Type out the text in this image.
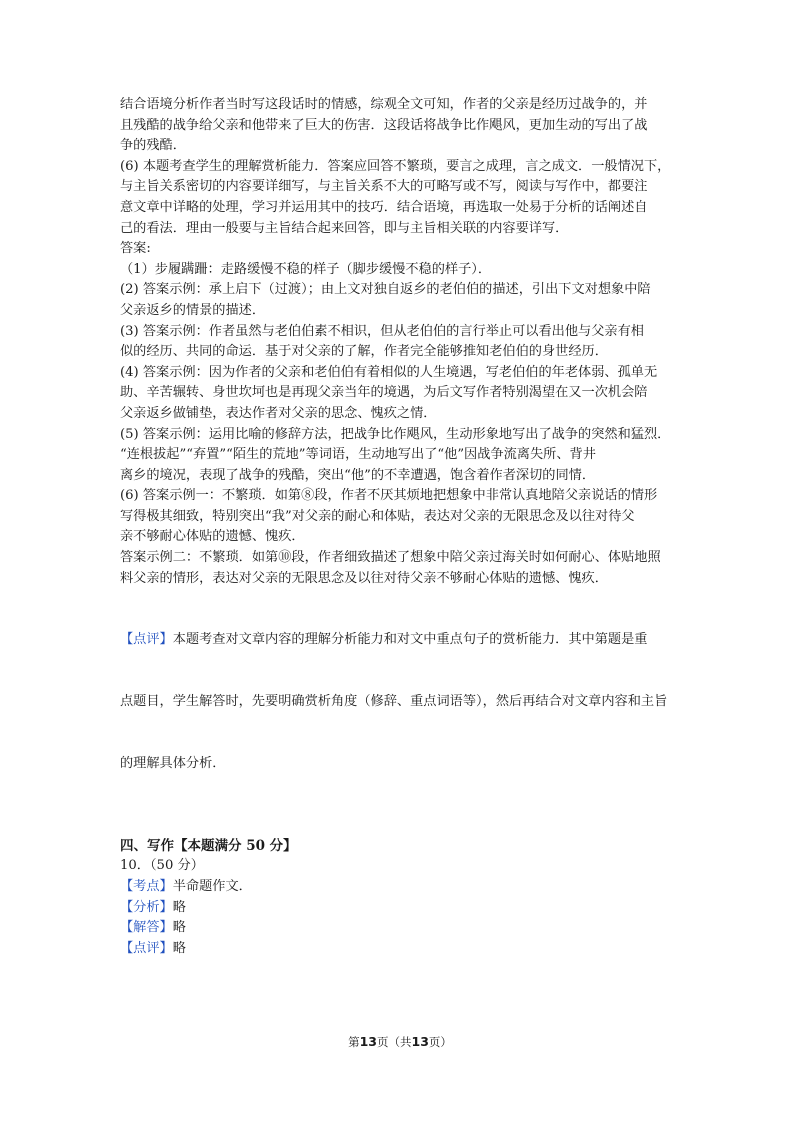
结合语境分析作者当时写这段话时的情感，综观全文可知，作者的父亲是经历过战争的，并
且残酷的战争给父亲和他带来了巨大的伤害．这段话将战争比作飓风，更加生动的写出了战
争的残酷．
(6) 本题考查学生的理解赏析能力．答案应回答不繁琐，要言之成理，言之成文．一般情况下，
与主旨关系密切的内容要详细写，与主旨关系不大的可略写或不写，阅读与写作中，都要注
意文章中详略的处理，学习并运用其中的技巧．结合语境，再选取一处易于分析的话阐述自
己的看法．理由一般要与主旨结合起来回答，即与主旨相关联的内容要详写．
答案:
（1）步履蹒跚：走路缓慢不稳的样子（脚步缓慢不稳的样子）．
(2) 答案示例：承上启下（过渡）；由上文对独自返乡的老伯伯的描述，引出下文对想象中陪
父亲返乡的情景的描述．
(3) 答案示例：作者虽然与老伯伯素不相识，但从老伯伯的言行举止可以看出他与父亲有相
似的经历、共同的命运．基于对父亲的了解，作者完全能够推知老伯伯的身世经历．
(4) 答案示例：因为作者的父亲和老伯伯有着相似的人生境遇，写老伯伯的年老体弱、孤单无
助、辛苦辗转、身世坎坷也是再现父亲当年的境遇，为后文写作者特别渴望在又一次机会陪
父亲返乡做铺垫，表达作者对父亲的思念、愧疚之情．
(5) 答案示例：运用比喻的修辞方法，把战争比作飓风，生动形象地写出了战争的突然和猛烈．
“连根拔起”“弃置”“陌生的荒地”等词语，生动地写出了“他”因战争流离失所、背井
离乡的境况，表现了战争的残酷，突出“他”的不幸遭遇，饱含着作者深切的同情．
(6) 答案示例一：不繁琐．如第⑧段，作者不厌其烦地把想象中非常认真地陪父亲说话的情形
写得极其细致，特别突出“我”对父亲的耐心和体贴，表达对父亲的无限思念及以往对待父
亲不够耐心体贴的遗憾、愧疚．
答案示例二：不繁琐．如第⑩段，作者细致描述了想象中陪父亲过海关时如何耐心、体贴地照
料父亲的情形，表达对父亲的无限思念及以往对待父亲不够耐心体贴的遗憾、愧疚．

【点评】本题考查对文章内容的理解分析能力和对文中重点句子的赏析能力．其中第题是重

点题目，学生解答时，先要明确赏析角度（修辞、重点词语等），然后再结合对文章内容和主旨

的理解具体分析．

四、写作【本题满分 50 分】
10．（50 分）
【考点】半命题作文．
【分析】略
【解答】略
【点评】略
第13页（共13页）
